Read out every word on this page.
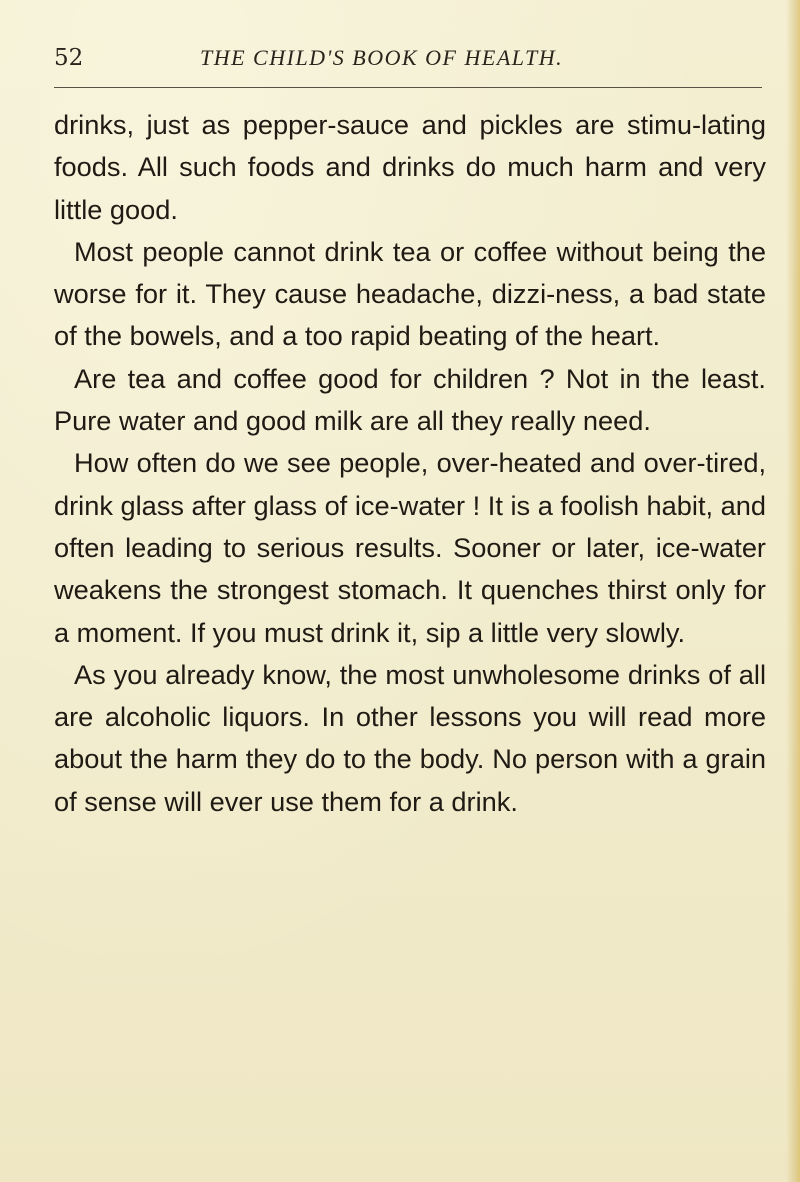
52	THE CHILD'S BOOK OF HEALTH.

drinks, just as pepper-sauce and pickles are stimu-lating foods. All such foods and drinks do much harm and very little good.

Most people cannot drink tea or coffee without being the worse for it. They cause headache, dizzi-ness, a bad state of the bowels, and a too rapid beating of the heart.

Are tea and coffee good for children ? Not in the least. Pure water and good milk are all they really need.

How often do we see people, over-heated and over-tired, drink glass after glass of ice-water ! It is a foolish habit, and often leading to serious results. Sooner or later, ice-water weakens the strongest stomach. It quenches thirst only for a moment. If you must drink it, sip a little very slowly.

As you already know, the most unwholesome drinks of all are alcoholic liquors. In other lessons you will read more about the harm they do to the body. No person with a grain of sense will ever use them for a drink.
